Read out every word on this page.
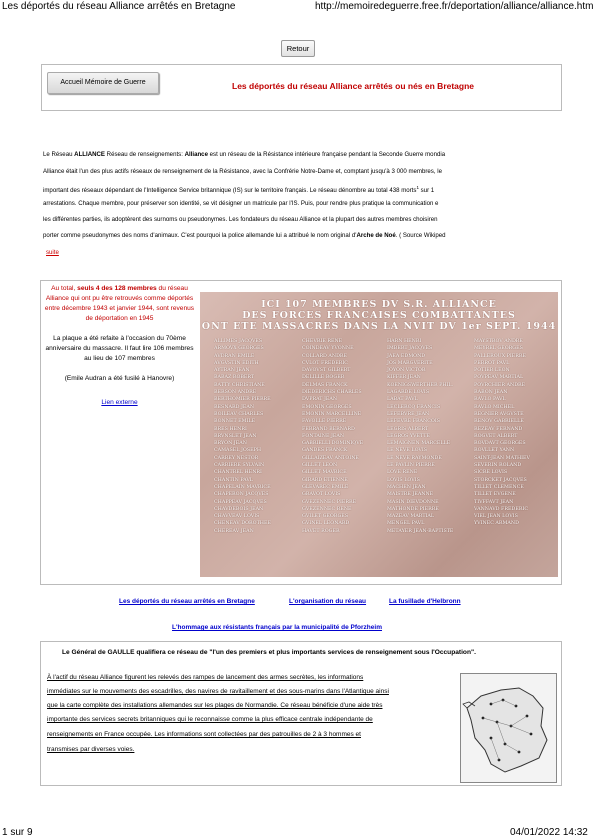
Les déportés du réseau Alliance arrêtés en Bretagne	http://memoiredeguerre.free.fr/deportation/alliance/alliance.htm
Retour
Accueil Mémoire de Guerre	Les déportés du réseau Alliance arrêtés ou nés en Bretagne
Le Réseau ALLIANCE Réseau de renseignements: Alliance est un réseau de la Résistance intérieure française pendant la Seconde Guerre mondia
Alliance était l'un des plus actifs réseaux de renseignement de la Résistance, avec la Confrérie Notre-Dame et, comptant jusqu'à 3 000 membres, le
important des réseaux dépendant de l'Intelligence Service britannique (IS) sur le territoire français. Le réseau dénombre au total 438 morts$^1$ sur 1
arrestations. Chaque membre, pour préserver son identité, se vit désigner un matricule par l'IS. Puis, pour rendre plus pratique la communication e
les différentes parties, ils adoptèrent des surnoms ou pseudonymes. Les fondateurs du réseau Alliance et la plupart des autres membres choisiren
porter comme pseudonymes des noms d'animaux. C'est pourquoi la police allemande lui a attribué le nom original d'Arche de Noé. ( Source Wikiped
suite
Au total, seuls 4 des 128 membres du réseau Alliance qui ont pu être retrouvés comme déportés entre décembre 1943 et janvier 1944, sont revenus de déportation en 1945
La plaque a été refaite à l'occasion du 70ème anniversaire du massacre. Il faut lire 106 membres au lieu de 107 membres
(Emile Audran a été fusilé à Hanovre)
Lien externe
ICI 107 MEMBRES DV S.R. ALLIANCE
DES FORCES FRANCAISES COMBATTANTES
ONT ETE MASSACRES DANS LA NVIT DV 1er SEPT. 1944
ALLIMES JACQVES
ARMOVX GEORGES
AVDRAN EMILE
AVGVSTIN EDITH
AYTRAN JEAN
BABAZ ROBERT
BATTY CHRISTIANE
BERSON ANDRE
BERTHOMIER PIERRE
BESNARD JEAN
BOILEAV CHARLES
BONNET EMILE
BRES HENRI
BRVNSLET JEAN
BRYON JEAN
CAMASEL JOSEPH
CARREY NESTOR
CARRIERE SYLVAIN
CHANTREL HENRI
CHANTIN PAVL
CHAPELAIN MAVRICE
CHAPERON JACQVES
CHAPPEAV JACQVES
CHAVDEBOIS JEAN
CHAVVEAV LOVIS
CHENEAV DOROTHEE
CHEREAV JEAN
CHEVRIE RENE
COINDEAV YVONNE
COLLARD ANDRE
CVLOT FREDERIC
DAVOVST GILBERT
DELILLE ROGER
DELMAS FRANCK
DIEDERICHS CHARLES
DVPRAT JEAN
EMONIN GEORGES
EMONIN MARCELLINE
FAVOLLE PIERRE
FERRAND BERNARD
FONTAINE JEAN
GABRIELLI DOMINIQVE
GANDES FRANCK
GILLAIZEAV ANTOINE
GILLET LEON
GILLET MAVRICE
GIRARD ETIENNE
GLEVAREC EMILE
GRAVOT LOVIS
GVEZENNEC PIERRE
GVEZENNEC RENE
GVILET GEORGES
GVINEL LEONARD
HAVET ROGER
HARN HENRI
IMBERT JACQVES
JAEA EDMOND
JOS MARGVERITE
JOYON VICTOR
KIFFER JEAN
KOENIGSWERTHER PHIL.
LAGARDE LOVIS
LABAT PAVL
LECLERCQ FRANCIS
LEFEBVRE JEAN
LEFEVRE FRANCOIS
LEGRIS ALBERT
LEGROS YVETTE
LEMAIGNEN MARCELLE
LE NEVE LOVIS
LE NEVE RAYMONDE
LE PAVLIN PIERRE
LOVE RENE
LOVIS LOVIS
MACHEN JEAN
MAISTRE JEANNE
MASIN DIEVDONNE
MATHONDE PIERRE
MAZEAV MARTIAL
MENGEL PAVL
METAYER JEAN-BAPTISTE
MAYSTROV ANDRE
MEYREL GEORGES
PALLEROUX PIERRE
PERROT PAVL
POTIER LEON
POVPEAV MARTIAL
POVRCHIER ANDRE
RABON JEAN
RAVLO PAVL
RAVLO MICHEL
REGNIER AVGVSTE
RENOV GABRIELLE
REZEAV FERNAND
ROGVET ALBERT
ROVDAVT GEORGES
ROVLLET YANN
SAINT-JEAN MATHIEV
SEVERIN ROLAND
SICRE LOVIS
STORCKET JACQVES
TILLET CLEMENCE
TILLET EVGENE
TIVFFAVT JEAN
VANNAVD FREDERIC
VIEL JEAN LOVIS
YVINEC ARMAND

Les déportés du réseau arrêtés en Bretagne	L'organisation du réseau	La fusillade d'Helbronn
L'hommage aux résistants français par la municipalité de Pforzheim
Le Général de GAULLE qualifiera ce réseau de "l'un des premiers et plus importants services de renseignement sous l'Occupation".
À l'actif du réseau Alliance figurent les relevés des rampes de lancement des armes secrètes, les informations
immédiates sur le mouvements des escadrilles, des navires de ravitaillement et des sous-marins dans l'Atlantique ainsi
que la carte complète des installations allemandes sur les plages de Normandie. Ce réseau bénéficie d'une aide très
importante des services secrets britanniques qui le reconnaisse comme la plus efficace centrale indépendante de
renseignements en France occupée. Les informations sont collectées par des patrouilles de 2 à 3 hommes et
transmises par diverses voies.
1 sur 9	04/01/2022 14:32
